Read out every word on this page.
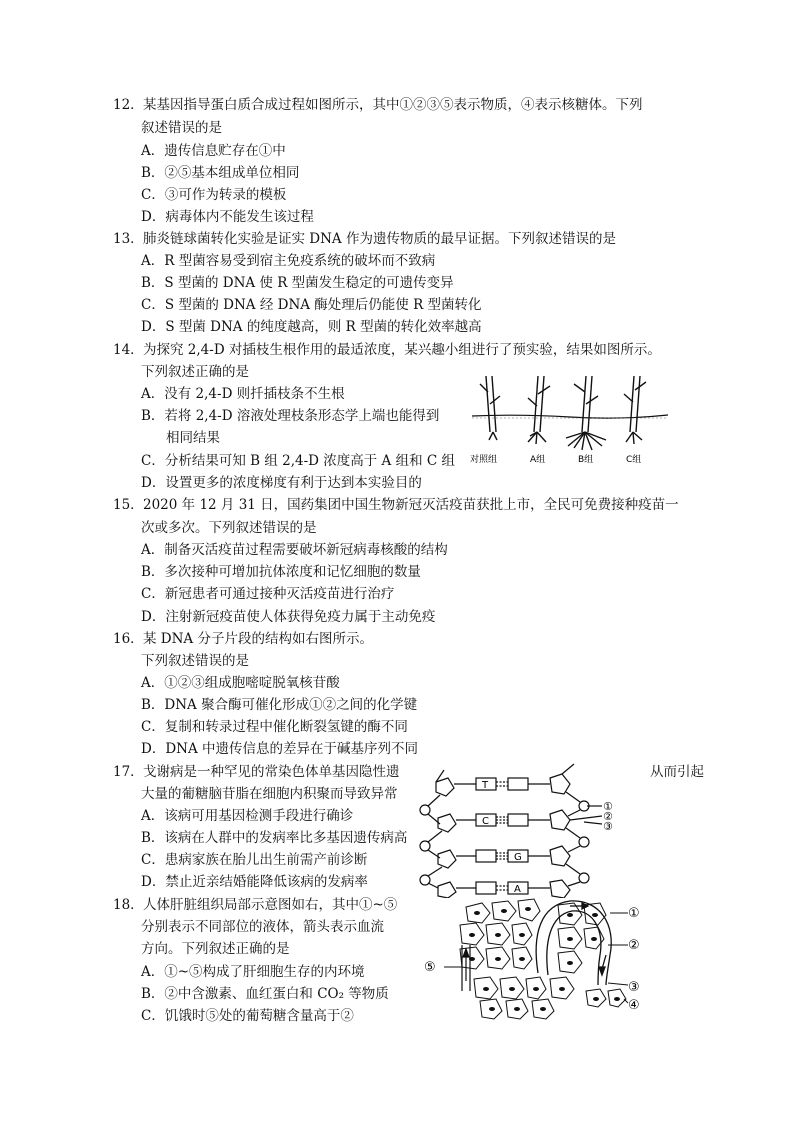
12．某基因指导蛋白质合成过程如图所示，其中①②③⑤表示物质，④表示核糖体。下列
叙述错误的是
A．遗传信息贮存在①中
B．②⑤基本组成单位相同
C．③可作为转录的模板
D．病毒体内不能发生该过程
13．肺炎链球菌转化实验是证实 DNA 作为遗传物质的最早证据。下列叙述错误的是
A．R 型菌容易受到宿主免疫系统的破坏而不致病
B．S 型菌的 DNA 使 R 型菌发生稳定的可遗传变异
C．S 型菌的 DNA 经 DNA 酶处理后仍能使 R 型菌转化
D．S 型菌 DNA 的纯度越高，则 R 型菌的转化效率越高
14．为探究 2,4-D 对插枝生根作用的最适浓度，某兴趣小组进行了预实验，结果如图所示。
下列叙述正确的是
A．没有 2,4-D 则扦插枝条不生根
B．若将 2,4-D 溶液处理枝条形态学上端也能得到
相同结果
C．分析结果可知 B 组 2,4-D 浓度高于 A 组和 C 组
D．设置更多的浓度梯度有利于达到本实验目的
对照组	A组	B组	C组
15．2020 年 12 月 31 日，国药集团中国生物新冠灭活疫苗获批上市，全民可免费接种疫苗一
次或多次。下列叙述错误的是
A．制备灭活疫苗过程需要破坏新冠病毒核酸的结构
B．多次接种可增加抗体浓度和记忆细胞的数量
C．新冠患者可通过接种灭活疫苗进行治疗
D．注射新冠疫苗使人体获得免疫力属于主动免疫
16．某 DNA 分子片段的结构如右图所示。
下列叙述错误的是
A．①②③组成胞嘧啶脱氧核苷酸
B．DNA 聚合酶可催化形成①②之间的化学键
C．复制和转录过程中催化断裂氢键的酶不同
D．DNA 中遗传信息的差异在于碱基序列不同
17．戈谢病是一种罕见的常染色体单基因隐性遗	从而引起
大量的葡糖脑苷脂在细胞内积聚而导致异常
A．该病可用基因检测手段进行确诊
B．该病在人群中的发病率比多基因遗传病高
C．患病家族在胎儿出生前需产前诊断
D．禁止近亲结婚能降低该病的发病率
T
C
G
A
①
②
③
18．人体肝脏组织局部示意图如右，其中①~⑤
分别表示不同部位的液体，箭头表示血流
方向。下列叙述正确的是
A．①~⑤构成了肝细胞生存的内环境
B．②中含激素、血红蛋白和 CO₂ 等物质
C．饥饿时⑤处的葡萄糖含量高于②
①
②
③
④
⑤
